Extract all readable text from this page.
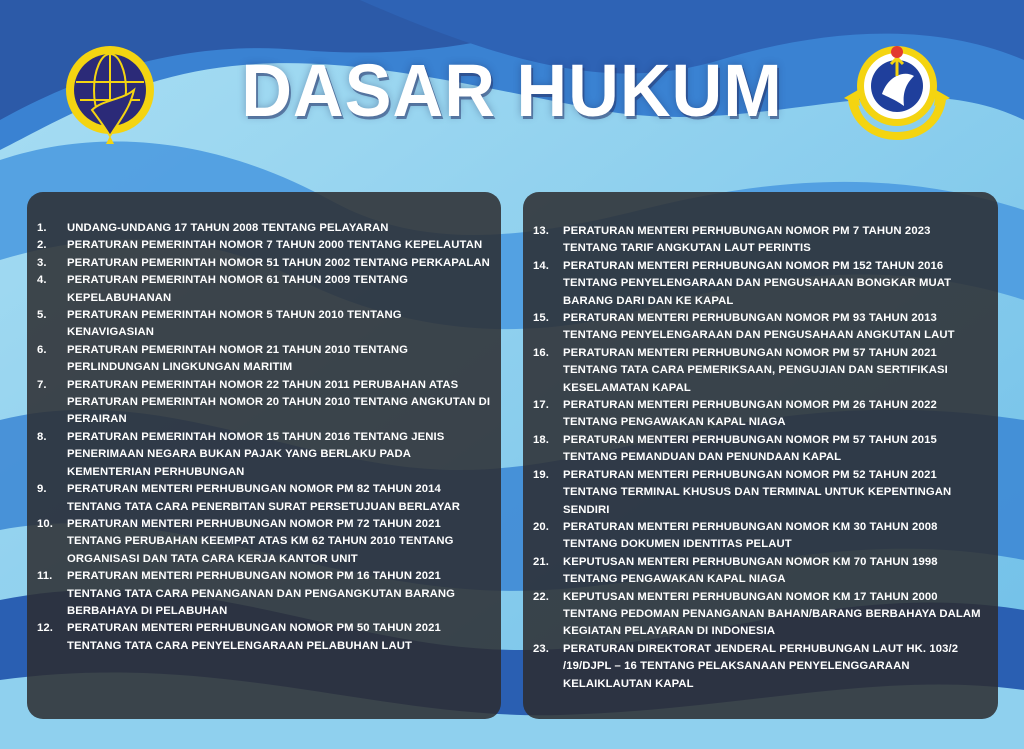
DASAR HUKUM
1.	UNDANG-UNDANG 17 TAHUN 2008 TENTANG PELAYARAN
2.	PERATURAN PEMERINTAH NOMOR 7 TAHUN 2000 TENTANG KEPELAUTAN
3.	PERATURAN PEMERINTAH NOMOR 51 TAHUN 2002 TENTANG PERKAPALAN
4.	PERATURAN PEMERINTAH NOMOR 61 TAHUN 2009 TENTANG KEPELABUHANAN
5.	PERATURAN PEMERINTAH NOMOR 5 TAHUN 2010 TENTANG KENAVIGASIAN
6.	PERATURAN PEMERINTAH NOMOR 21 TAHUN 2010 TENTANG PERLINDUNGAN LINGKUNGAN MARITIM
7.	PERATURAN PEMERINTAH NOMOR 22 TAHUN 2011 PERUBAHAN ATAS PERATURAN PEMERINTAH NOMOR 20 TAHUN 2010 TENTANG ANGKUTAN DI PERAIRAN
8.	PERATURAN PEMERINTAH NOMOR 15 TAHUN 2016 TENTANG JENIS PENERIMAAN NEGARA BUKAN PAJAK YANG BERLAKU PADA KEMENTERIAN PERHUBUNGAN
9.	PERATURAN MENTERI PERHUBUNGAN NOMOR PM 82 TAHUN 2014 TENTANG TATA CARA PENERBITAN SURAT PERSETUJUAN BERLAYAR
10.	PERATURAN MENTERI PERHUBUNGAN NOMOR PM 72 TAHUN 2021 TENTANG PERUBAHAN KEEMPAT ATAS KM 62 TAHUN 2010 TENTANG ORGANISASI DAN TATA CARA KERJA KANTOR UNIT
11.	PERATURAN MENTERI PERHUBUNGAN NOMOR PM 16 TAHUN 2021 TENTANG TATA CARA PENANGANAN DAN PENGANGKUTAN BARANG BERBAHAYA DI PELABUHAN
12.	PERATURAN MENTERI PERHUBUNGAN NOMOR PM 50 TAHUN 2021 TENTANG TATA CARA PENYELENGARAAN PELABUHAN LAUT
13.	PERATURAN MENTERI PERHUBUNGAN NOMOR PM 7 TAHUN 2023 TENTANG TARIF ANGKUTAN LAUT PERINTIS
14.	PERATURAN MENTERI PERHUBUNGAN NOMOR PM 152 TAHUN 2016 TENTANG PENYELENGARAAN DAN PENGUSAHAAN BONGKAR MUAT BARANG DARI DAN KE KAPAL
15.	PERATURAN MENTERI PERHUBUNGAN NOMOR PM 93 TAHUN 2013 TENTANG PENYELENGARAAN DAN PENGUSAHAAN ANGKUTAN LAUT
16.	PERATURAN MENTERI PERHUBUNGAN NOMOR PM 57 TAHUN 2021 TENTANG TATA CARA PEMERIKSAAN, PENGUJIAN DAN SERTIFIKASI KESELAMATAN KAPAL
17.	PERATURAN MENTERI PERHUBUNGAN NOMOR PM 26 TAHUN 2022 TENTANG PENGAWAKAN KAPAL NIAGA
18.	PERATURAN MENTERI PERHUBUNGAN NOMOR PM 57 TAHUN 2015 TENTANG PEMANDUAN DAN PENUNDAAN KAPAL
19.	PERATURAN MENTERI PERHUBUNGAN NOMOR PM 52 TAHUN 2021 TENTANG TERMINAL KHUSUS DAN TERMINAL UNTUK KEPENTINGAN SENDIRI
20.	PERATURAN MENTERI PERHUBUNGAN NOMOR KM 30 TAHUN 2008 TENTANG DOKUMEN IDENTITAS PELAUT
21.	KEPUTUSAN MENTERI PERHUBUNGAN NOMOR KM 70 TAHUN 1998 TENTANG PENGAWAKAN KAPAL NIAGA
22.	KEPUTUSAN MENTERI PERHUBUNGAN NOMOR KM 17 TAHUN 2000 TENTANG PEDOMAN PENANGANAN BAHAN/BARANG BERBAHAYA DALAM KEGIATAN PELAYARAN DI INDONESIA
23.	PERATURAN DIREKTORAT JENDERAL PERHUBUNGAN LAUT HK. 103/2 /19/DJPL – 16 TENTANG PELAKSANAAN PENYELENGGARAAN KELAIKLAUTAN KAPAL
